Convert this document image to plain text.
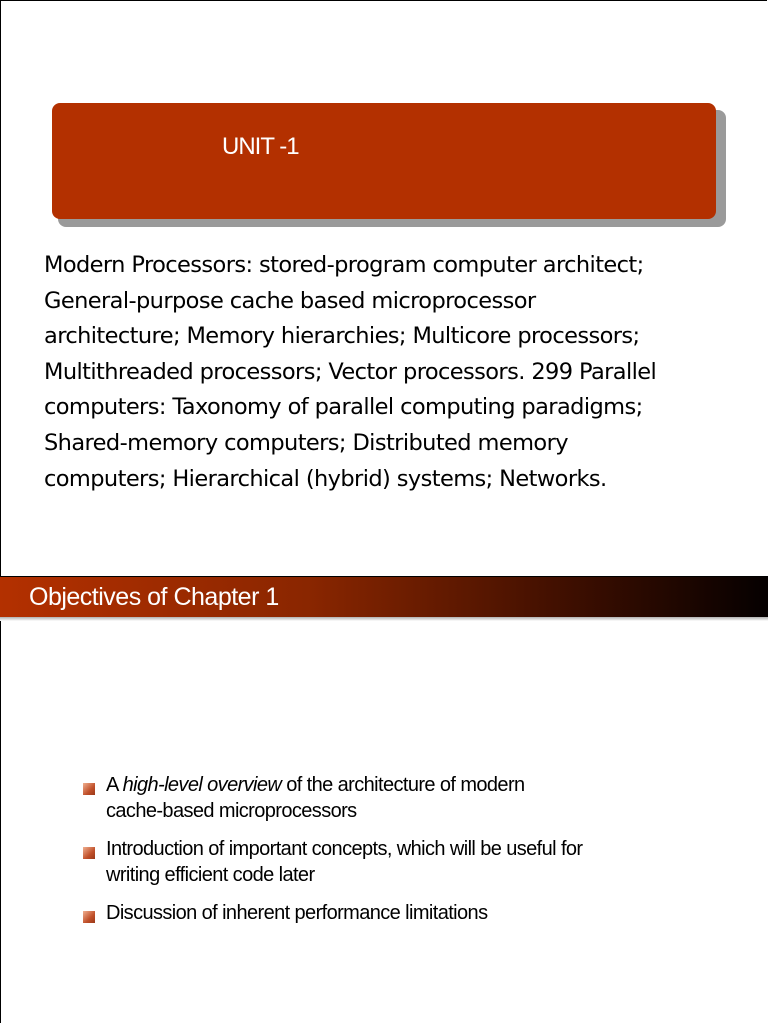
UNIT -1

Modern Processors: stored-program computer architect;
General-purpose cache based microprocessor
architecture; Memory hierarchies; Multicore processors;
Multithreaded processors; Vector processors. 299 Parallel
computers: Taxonomy of parallel computing paradigms;
Shared-memory computers; Distributed memory
computers; Hierarchical (hybrid) systems; Networks.

Objectives of Chapter 1
A high-level overview of the architecture of modern
cache-based microprocessors
Introduction of important concepts, which will be useful for
writing efficient code later
Discussion of inherent performance limitations
